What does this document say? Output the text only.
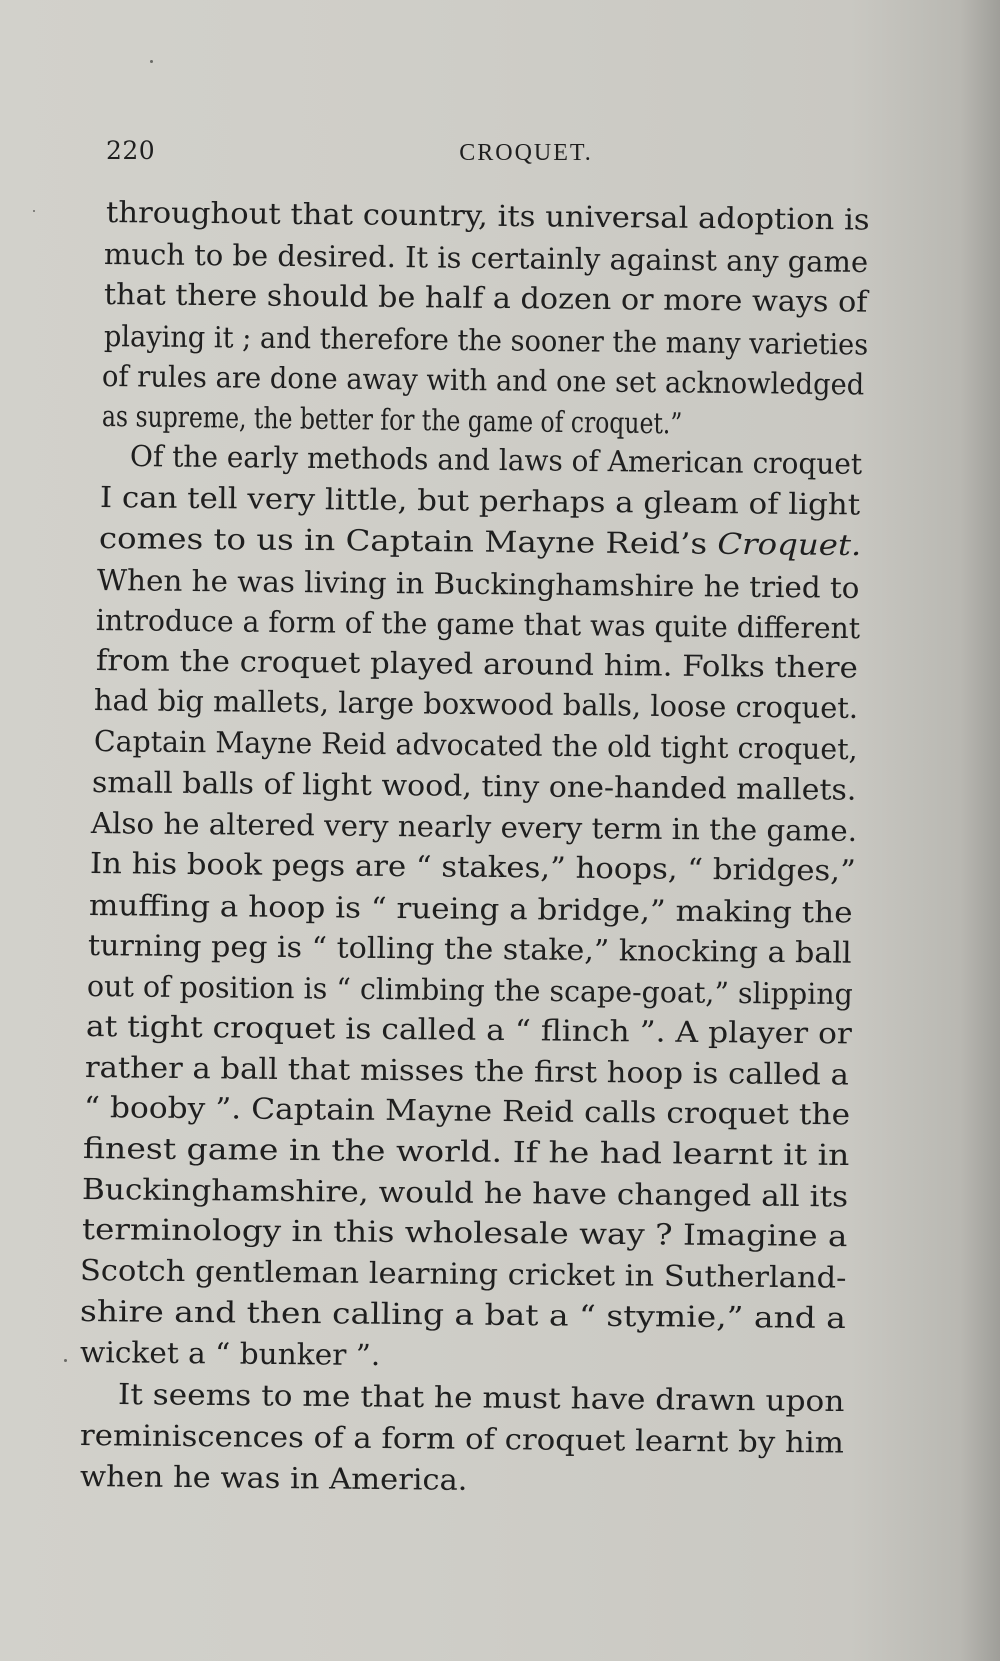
220	CROQUET.
throughout that country, its universal adoption is
much to be desired. It is certainly against any game
that there should be half a dozen or more ways of
playing it ; and therefore the sooner the many varieties
of rules are done away with and one set acknowledged
as supreme, the better for the game of croquet.”
Of the early methods and laws of American croquet
I can tell very little, but perhaps a gleam of light
comes to us in Captain Mayne Reid’s Croquet.
When he was living in Buckinghamshire he tried to
introduce a form of the game that was quite different
from the croquet played around him. Folks there
had big mallets, large boxwood balls, loose croquet.
Captain Mayne Reid advocated the old tight croquet,
small balls of light wood, tiny one-handed mallets.
Also he altered very nearly every term in the game.
In his book pegs are “ stakes,” hoops, “ bridges,”
muffing a hoop is “ rueing a bridge,” making the
turning peg is “ tolling the stake,” knocking a ball
out of position is “ climbing the scape-goat,” slipping
at tight croquet is called a “ flinch ”. A player or
rather a ball that misses the first hoop is called a
“ booby ”. Captain Mayne Reid calls croquet the
finest game in the world. If he had learnt it in
Buckinghamshire, would he have changed all its
terminology in this wholesale way ? Imagine a
Scotch gentleman learning cricket in Sutherland-
shire and then calling a bat a “ stymie,” and a
wicket a “ bunker ”.
It seems to me that he must have drawn upon
reminiscences of a form of croquet learnt by him
when he was in America.
